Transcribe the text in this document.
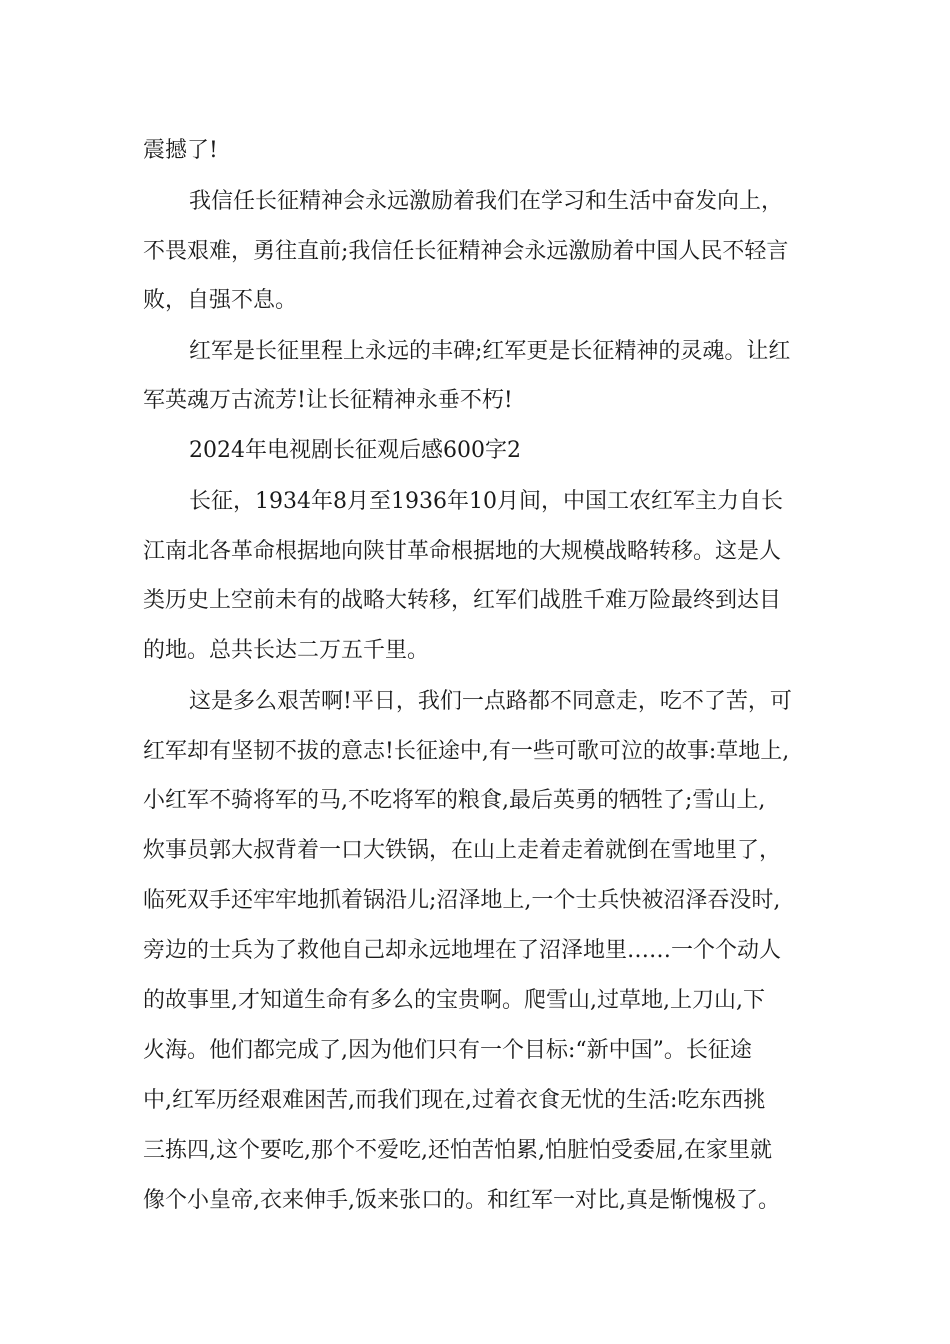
震撼了!
我信任长征精神会永远激励着我们在学习和生活中奋发向上，
不畏艰难，勇往直前;我信任长征精神会永远激励着中国人民不轻言
败，自强不息。
红军是长征里程上永远的丰碑;红军更是长征精神的灵魂。让红
军英魂万古流芳!让长征精神永垂不朽!
2024年电视剧长征观后感600字2
长征，1934年8月至1936年10月间，中国工农红军主力自长
江南北各革命根据地向陕甘革命根据地的大规模战略转移。这是人
类历史上空前未有的战略大转移，红军们战胜千难万险最终到达目
的地。总共长达二万五千里。
这是多么艰苦啊!平日，我们一点路都不同意走，吃不了苦，可
红军却有坚韧不拔的意志!长征途中,有一些可歌可泣的故事:草地上,
小红军不骑将军的马,不吃将军的粮食,最后英勇的牺牲了;雪山上,
炊事员郭大叔背着一口大铁锅，在山上走着走着就倒在雪地里了，
临死双手还牢牢地抓着锅沿儿;沼泽地上,一个士兵快被沼泽吞没时,
旁边的士兵为了救他自己却永远地埋在了沼泽地里……一个个动人
的故事里,才知道生命有多么的宝贵啊。爬雪山,过草地,上刀山,下
火海。他们都完成了,因为他们只有一个目标:“新中国”。长征途
中,红军历经艰难困苦,而我们现在,过着衣食无忧的生活:吃东西挑
三拣四,这个要吃,那个不爱吃,还怕苦怕累,怕脏怕受委屈,在家里就
像个小皇帝,衣来伸手,饭来张口的。和红军一对比,真是惭愧极了。
